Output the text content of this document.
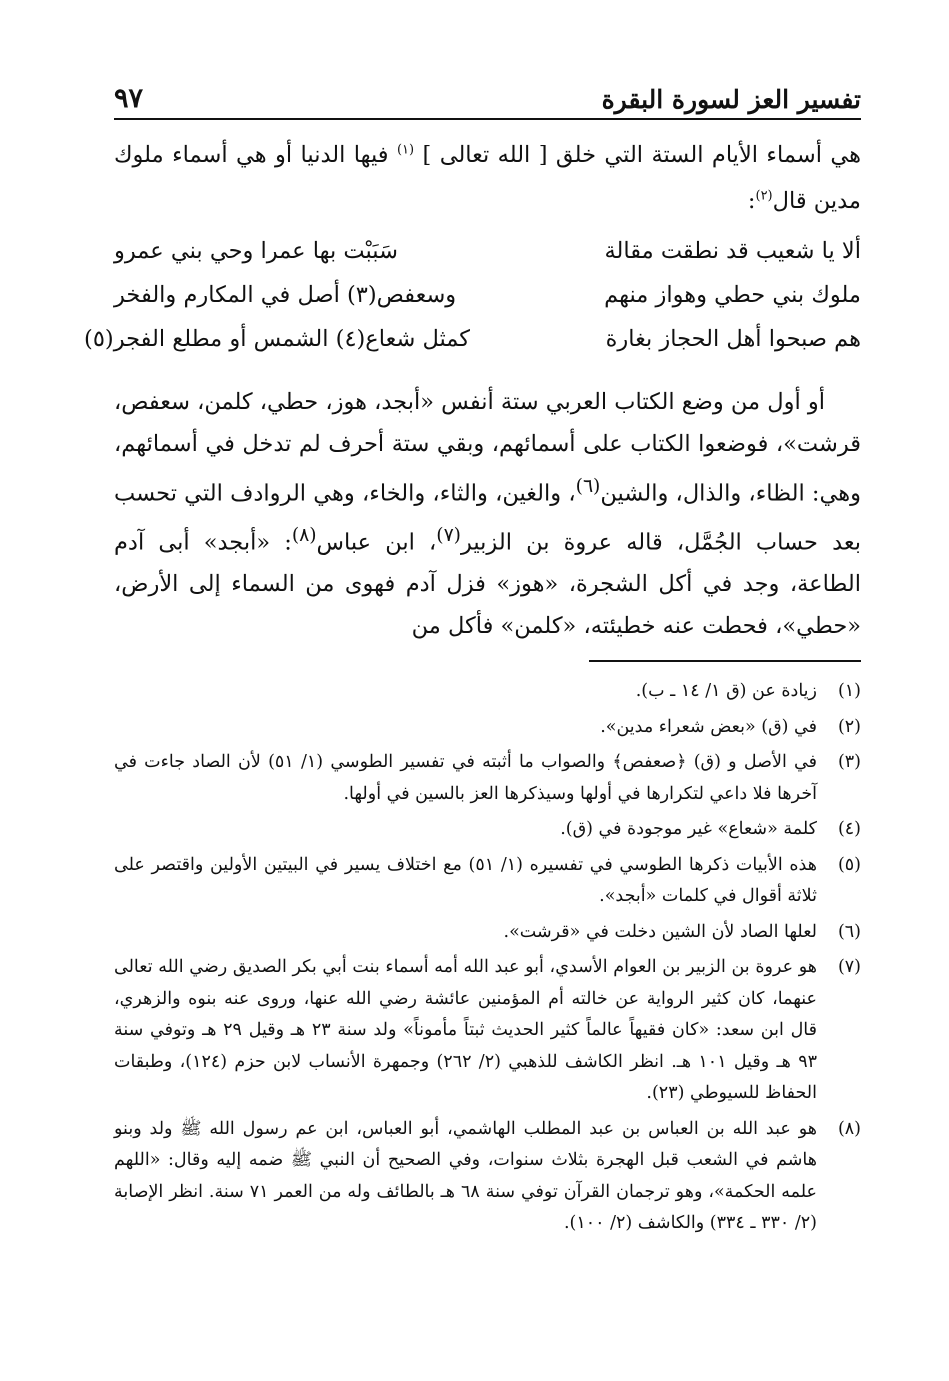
تفسير العز لسورة البقرة
٩٧

هي أسماء الأيام الستة التي خلق [ الله تعالى ] $^{(١)}$ فيها الدنيا أو هي أسماء ملوك مدين قال$^{(٢)}$:

ألا يا شعيب قد نطقت مقالة
سَبَبْت بها عمرا وحي بني عمرو
ملوك بني حطي وهواز منهم
وسعفص(٣) أصل في المكارم والفخر
هم صبحوا أهل الحجاز بغارة
كمثل شعاع(٤) الشمس أو مطلع الفجر(٥)
أو أول من وضع الكتاب العربي ستة أنفس «أبجد، هوز، حطي، كلمن، سعفص، قرشت»، فوضعوا الكتاب على أسمائهم، وبقي ستة أحرف لم تدخل في أسمائهم، وهي: الظاء، والذال، والشين$^{(٦)}$، والغين، والثاء، والخاء، وهي الروادف التي تحسب بعد حساب الجُمَّل، قاله عروة بن الزبير$^{(٧)}$، ابن عباس$^{(٨)}$: «أبجد» أبى آدم الطاعة، وجد في أكل الشجرة، «هوز» فزل آدم فهوى من السماء إلى الأرض، «حطي»، فحطت عنه خطيئته، «كلمن» فأكل من
(١)
زيادة عن (ق ١/ ١٤ ـ ب).
(٢)
في (ق) «بعض شعراء مدين».
(٣)
في الأصل و (ق) ﴿صعفص﴾ والصواب ما أثبته في تفسير الطوسي (١/ ٥١) لأن الصاد جاءت في آخرها فلا داعي لتكرارها في أولها وسيذكرها العز بالسين في أولها.
(٤)
كلمة «شعاع» غير موجودة في (ق).
(٥)
هذه الأبيات ذكرها الطوسي في تفسيره (١/ ٥١) مع اختلاف يسير في البيتين الأولين واقتصر على ثلاثة أقوال في كلمات «أبجد».
(٦)
لعلها الصاد لأن الشين دخلت في «قرشت».
(٧)
هو عروة بن الزبير بن العوام الأسدي، أبو عبد الله أمه أسماء بنت أبي بكر الصديق رضي الله تعالى عنهما، كان كثير الرواية عن خالته أم المؤمنين عائشة رضي الله عنها، وروى عنه بنوه والزهري، قال ابن سعد: «كان فقيهاً عالماً كثير الحديث ثبتاً مأموناً» ولد سنة ٢٣ هـ وقيل ٢٩ هـ وتوفي سنة ٩٣ هـ وقيل ١٠١ هـ. انظر الكاشف للذهبي (٢/ ٢٦٢) وجمهرة الأنساب لابن حزم (١٢٤)، وطبقات الحفاظ للسيوطي (٢٣).
(٨)
هو عبد الله بن العباس بن عبد المطلب الهاشمي، أبو العباس، ابن عم رسول الله ﷺ ولد وبنو هاشم في الشعب قبل الهجرة بثلاث سنوات، وفي الصحيح أن النبي ﷺ ضمه إليه وقال: «اللهم علمه الحكمة»، وهو ترجمان القرآن توفي سنة ٦٨ هـ بالطائف وله من العمر ٧١ سنة. انظر الإصابة (٢/ ٣٣٠ ـ ٣٣٤) والكاشف (٢/ ١٠٠).
